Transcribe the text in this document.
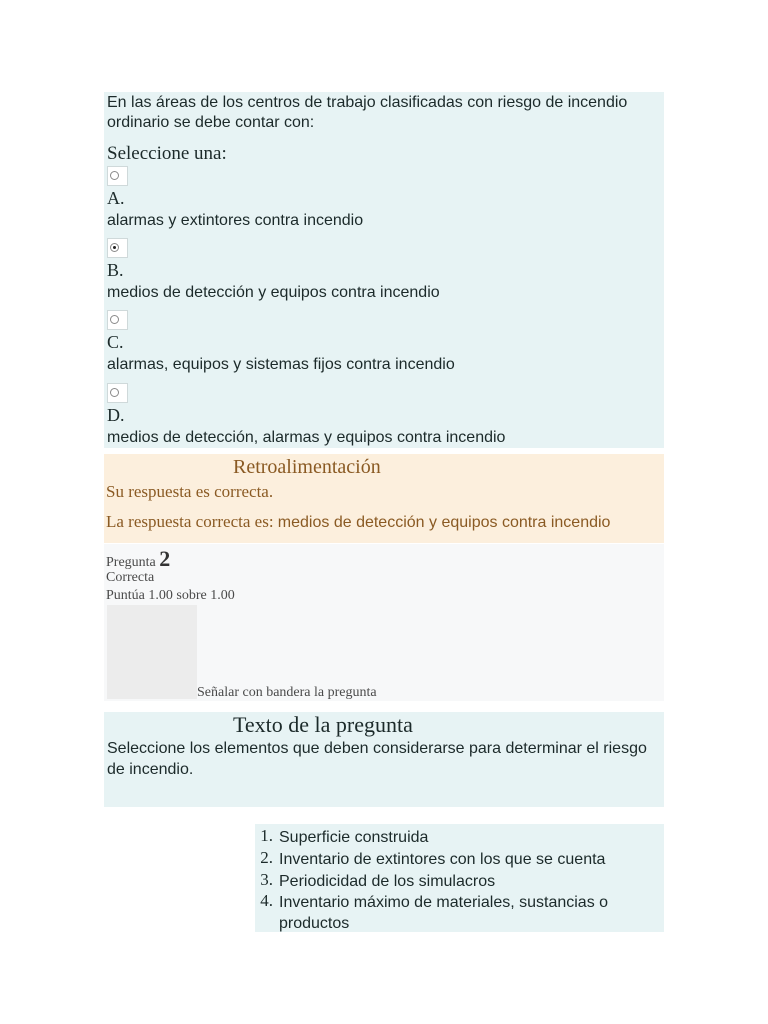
En las áreas de los centros de trabajo clasificadas con riesgo de incendio ordinario se debe contar con:
Seleccione una:
A.
alarmas y extintores contra incendio
B.
medios de detección y equipos contra incendio
C.
alarmas, equipos y sistemas fijos contra incendio
D.
medios de detección, alarmas y equipos contra incendio
Retroalimentación
Su respuesta es correcta.
La respuesta correcta es: medios de detección y equipos contra incendio
Pregunta 2
Correcta
Puntúa 1.00 sobre 1.00
Señalar con bandera la pregunta
Texto de la pregunta
Seleccione los elementos que deben considerarse para determinar el riesgo de incendio.
1. Superficie construida
2. Inventario de extintores con los que se cuenta
3. Periodicidad de los simulacros
4. Inventario máximo de materiales, sustancias o productos
